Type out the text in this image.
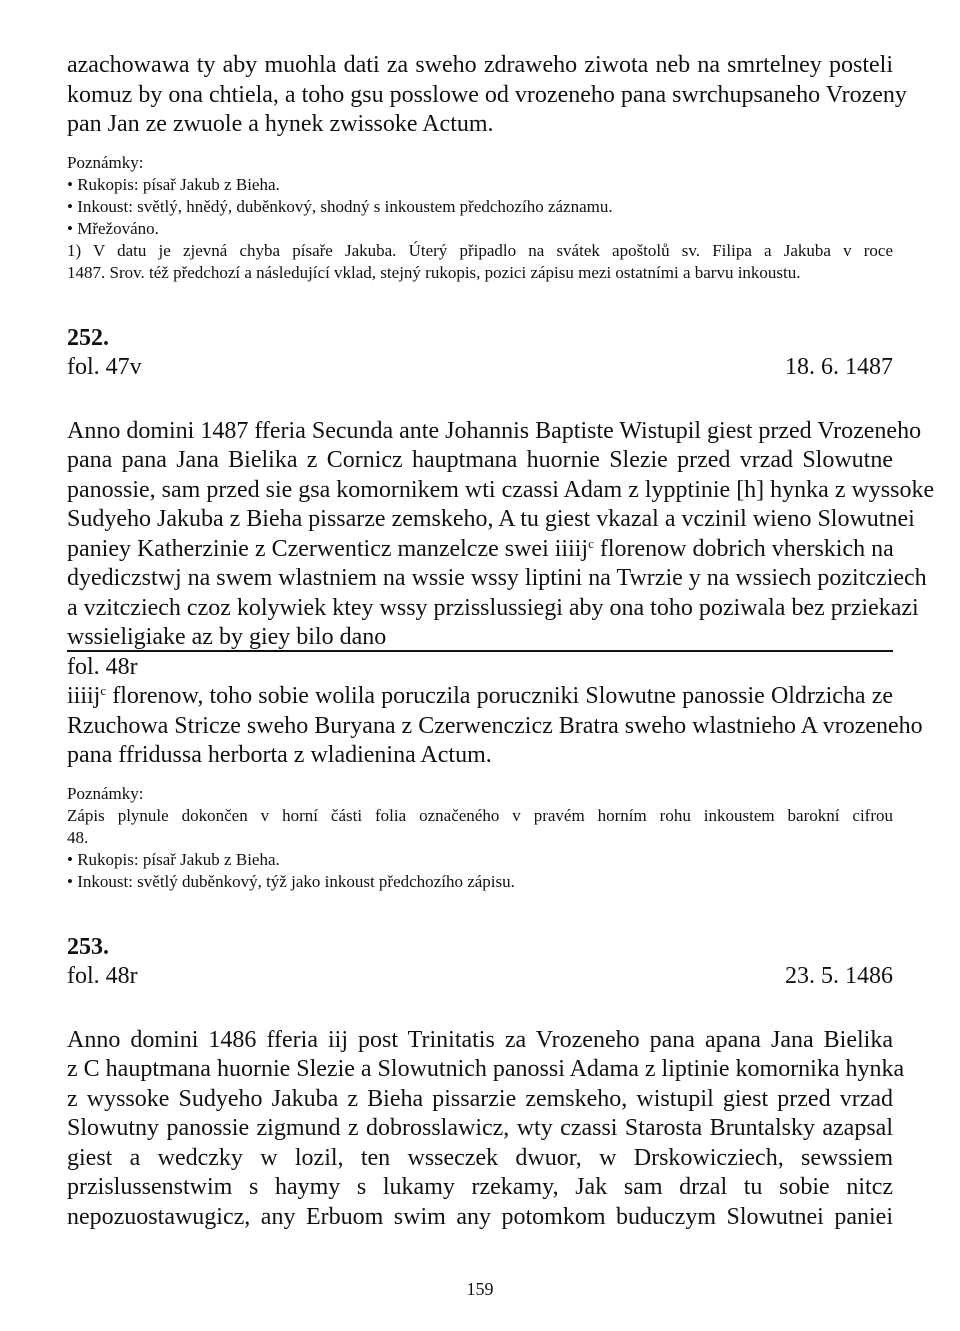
azachowawa ty aby muohla dati za sweho zdraweho ziwota neb na smrtelney posteli
komuz by ona chtiela, a toho gsu posslowe od vrozeneho pana swrchupsaneho Vrozeny
pan Jan ze zwuole a hynek zwissoke Actum.

Poznámky:

• Rukopis: písař Jakub z Bieha.

• Inkoust: světlý, hnědý, duběnkový, shodný s inkoustem předchozího záznamu.

• Mřežováno.

1) V datu je zjevná chyba písaře Jakuba. Úterý připadlo na svátek apoštolů sv. Filipa a Jakuba v roce

1487. Srov. též předchozí a následující vklad, stejný rukopis, pozici zápisu mezi ostatními a barvu inkoustu.

252.
fol. 47v	18. 6. 1487
Anno domini 1487 fferia Secunda ante Johannis Baptiste Wistupil giest przed Vrozeneho
pana pana Jana Bielika z Cornicz hauptmana huornie Slezie przed vrzad Slowutne
panossie, sam przed sie gsa komornikem wti czassi Adam z lypptinie [h] hynka z wyssoke
Sudyeho Jakuba z Bieha pissarze zemskeho, A tu giest vkazal a vczinil wieno Slowutnei
paniey Katherzinie z Czerwenticz manzelcze swei iiiij$^c$ florenow dobrich vherskich na
dyediczstwj na swem wlastniem na wssie wssy liptini na Twrzie y na wssiech pozitcziech
a vzitcziech czoz kolywiek ktey wssy przisslussiegi aby ona toho poziwala bez prziekazi
wssieligiake az by giey bilo dano
fol. 48r
iiiij$^c$ florenow, toho sobie wolila poruczila poruczniki Slowutne panossie Oldrzicha ze
Rzuchowa Stricze sweho Buryana z Czerwenczicz Bratra sweho wlastnieho A vrozeneho
pana ffridussa herborta z wladienina Actum.

Poznámky:

Zápis plynule dokončen v horní části folia označeného v pravém horním rohu inkoustem barokní cifrou

48.

• Rukopis: písař Jakub z Bieha.

• Inkoust: světlý duběnkový, týž jako inkoust předchozího zápisu.

253.
fol. 48r	23. 5. 1486
Anno domini 1486 fferia iij post Trinitatis za Vrozeneho pana apana Jana Bielika
z C hauptmana huornie Slezie a Slowutnich panossi Adama z liptinie komornika hynka
z wyssoke Sudyeho Jakuba z Bieha pissarzie zemskeho, wistupil giest przed vrzad
Slowutny panossie zigmund z dobrosslawicz, wty czassi Starosta Bruntalsky azapsal
giest a wedczky w lozil, ten wsseczek dwuor, w Drskowicziech, sewssiem
przislussenstwim s haymy s lukamy rzekamy, Jak sam drzal tu sobie nitcz
nepozuostawugicz, any Erbuom swim any potomkom buduczym Slowutnei paniei
159
